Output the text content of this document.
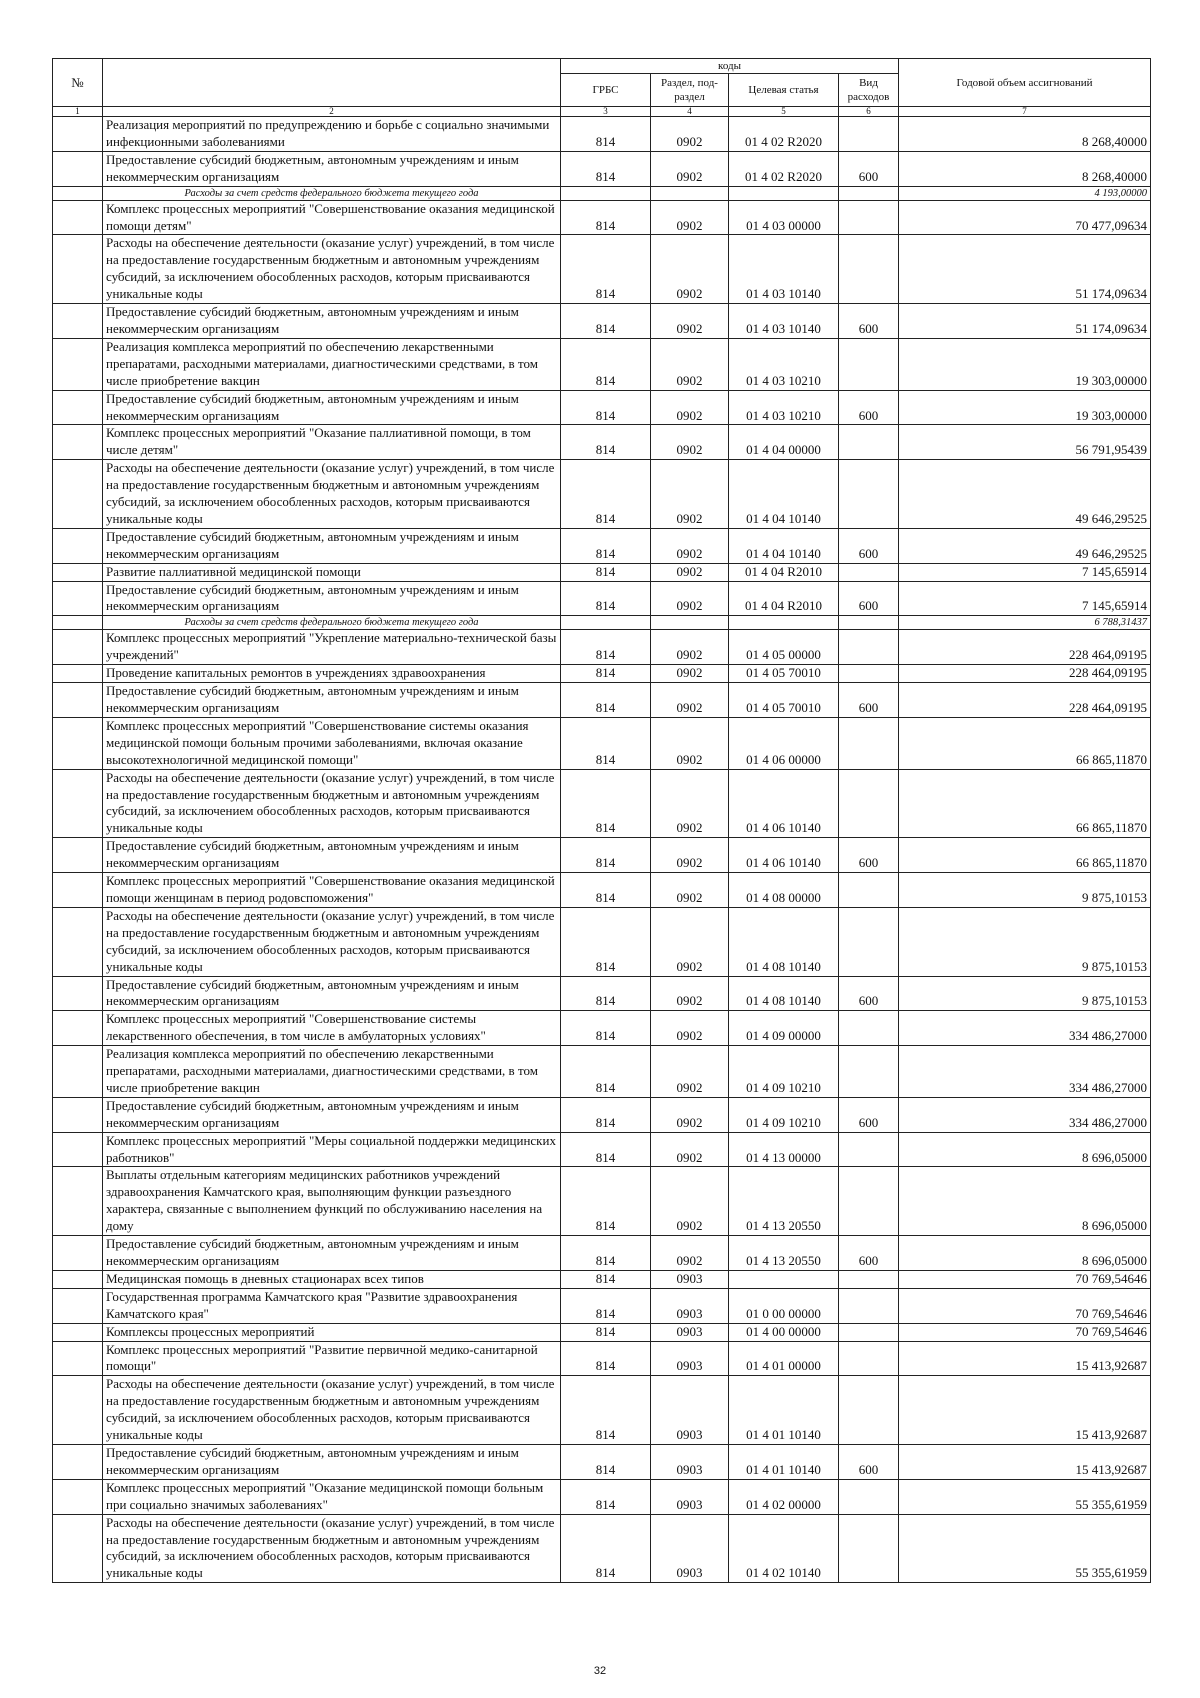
№		коды				Годовой объем ассигнований
		ГРБС	Раздел, под-раздел	Целевая статья	Вид расходов	
1	2	3	4	5	6	7
	Реализация мероприятий по предупреждению и борьбе с социально значимыми инфекционными заболеваниями	814	0902	01 4 02 R2020		8 268,40000
	Предоставление субсидий бюджетным, автономным учреждениям и иным некоммерческим организациям	814	0902	01 4 02 R2020	600	8 268,40000
	Расходы за счет средств федерального бюджета текущего года					4 193,00000
	Комплекс процессных мероприятий "Совершенствование оказания медицинской помощи детям"	814	0902	01 4 03 00000		70 477,09634
	Расходы на обеспечение деятельности (оказание услуг) учреждений, в том числе на предоставление государственным бюджетным и автономным учреждениям субсидий, за исключением обособленных расходов, которым присваиваются уникальные коды	814	0902	01 4 03 10140		51 174,09634
	Предоставление субсидий бюджетным, автономным учреждениям и иным некоммерческим организациям	814	0902	01 4 03 10140	600	51 174,09634
	Реализация комплекса мероприятий по обеспечению лекарственными препаратами, расходными материалами, диагностическими средствами, в том числе приобретение вакцин	814	0902	01 4 03 10210		19 303,00000
	Предоставление субсидий бюджетным, автономным учреждениям и иным некоммерческим организациям	814	0902	01 4 03 10210	600	19 303,00000
	Комплекс процессных мероприятий "Оказание паллиативной помощи, в том числе детям"	814	0902	01 4 04 00000		56 791,95439
	Расходы на обеспечение деятельности (оказание услуг) учреждений, в том числе на предоставление государственным бюджетным и автономным учреждениям субсидий, за исключением обособленных расходов, которым присваиваются уникальные коды	814	0902	01 4 04 10140		49 646,29525
	Предоставление субсидий бюджетным, автономным учреждениям и иным некоммерческим организациям	814	0902	01 4 04 10140	600	49 646,29525
	Развитие паллиативной медицинской помощи	814	0902	01 4 04 R2010		7 145,65914
	Предоставление субсидий бюджетным, автономным учреждениям и иным некоммерческим организациям	814	0902	01 4 04 R2010	600	7 145,65914
	Расходы за счет средств федерального бюджета текущего года					6 788,31437
	Комплекс процессных мероприятий "Укрепление материально-технической базы учреждений"	814	0902	01 4 05 00000		228 464,09195
	Проведение капитальных ремонтов в учреждениях здравоохранения	814	0902	01 4 05 70010		228 464,09195
	Предоставление субсидий бюджетным, автономным учреждениям и иным некоммерческим организациям	814	0902	01 4 05 70010	600	228 464,09195
	Комплекс процессных мероприятий "Совершенствование системы оказания медицинской помощи больным прочими заболеваниями, включая оказание высокотехнологичной медицинской помощи"	814	0902	01 4 06 00000		66 865,11870
	Расходы на обеспечение деятельности (оказание услуг) учреждений, в том числе на предоставление государственным бюджетным и автономным учреждениям субсидий, за исключением обособленных расходов, которым присваиваются уникальные коды	814	0902	01 4 06 10140		66 865,11870
	Предоставление субсидий бюджетным, автономным учреждениям и иным некоммерческим организациям	814	0902	01 4 06 10140	600	66 865,11870
	Комплекс процессных мероприятий "Совершенствование оказания медицинской помощи женщинам в период родовспоможения"	814	0902	01 4 08 00000		9 875,10153
	Расходы на обеспечение деятельности (оказание услуг) учреждений, в том числе на предоставление государственным бюджетным и автономным учреждениям субсидий, за исключением обособленных расходов, которым присваиваются уникальные коды	814	0902	01 4 08 10140		9 875,10153
	Предоставление субсидий бюджетным, автономным учреждениям и иным некоммерческим организациям	814	0902	01 4 08 10140	600	9 875,10153
	Комплекс процессных мероприятий "Совершенствование системы лекарственного обеспечения, в том числе в амбулаторных условиях"	814	0902	01 4 09 00000		334 486,27000
	Реализация комплекса мероприятий по обеспечению лекарственными препаратами, расходными материалами, диагностическими средствами, в том числе приобретение вакцин	814	0902	01 4 09 10210		334 486,27000
	Предоставление субсидий бюджетным, автономным учреждениям и иным некоммерческим организациям	814	0902	01 4 09 10210	600	334 486,27000
	Комплекс процессных мероприятий "Меры социальной поддержки медицинских работников"	814	0902	01 4 13 00000		8 696,05000
	Выплаты отдельным категориям медицинских работников учреждений здравоохранения Камчатского края, выполняющим функции разъездного характера, связанные с выполнением функций по обслуживанию населения на дому	814	0902	01 4 13 20550		8 696,05000
	Предоставление субсидий бюджетным, автономным учреждениям и иным некоммерческим организациям	814	0902	01 4 13 20550	600	8 696,05000
	Медицинская помощь в дневных стационарах всех типов	814	0903			70 769,54646
	Государственная программа Камчатского края "Развитие здравоохранения Камчатского края"	814	0903	01 0 00 00000		70 769,54646
	Комплексы процессных мероприятий	814	0903	01 4 00 00000		70 769,54646
	Комплекс процессных мероприятий "Развитие первичной медико-санитарной помощи"	814	0903	01 4 01 00000		15 413,92687
	Расходы на обеспечение деятельности (оказание услуг) учреждений, в том числе на предоставление государственным бюджетным и автономным учреждениям субсидий, за исключением обособленных расходов, которым присваиваются уникальные коды	814	0903	01 4 01 10140		15 413,92687
	Предоставление субсидий бюджетным, автономным учреждениям и иным некоммерческим организациям	814	0903	01 4 01 10140	600	15 413,92687
	Комплекс процессных мероприятий "Оказание медицинской помощи больным при социально значимых заболеваниях"	814	0903	01 4 02 00000		55 355,61959
	Расходы на обеспечение деятельности (оказание услуг) учреждений, в том числе на предоставление государственным бюджетным и автономным учреждениям субсидий, за исключением обособленных расходов, которым присваиваются уникальные коды	814	0903	01 4 02 10140		55 355,61959
32
